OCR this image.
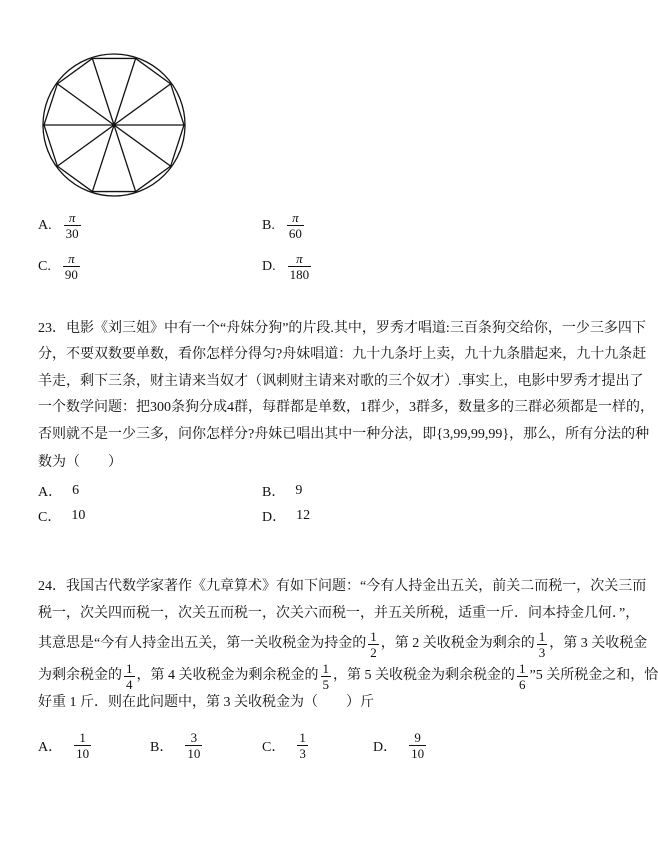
A. $\frac{\pi}{30}$	B. $\frac{\pi}{60}$
C. $\frac{\pi}{90}$	D. $\frac{\pi}{180}$
23．电影《刘三姐》中有一个“舟妹分狗”的片段.其中，罗秀才唱道:三百条狗交给你，一少三多四下
分，不要双数要单数，看你怎样分得匀?舟妹唱道：九十九条圩上卖，九十九条腊起来，九十九条赶
羊走，剩下三条，财主请来当奴才（讽刺财主请来对歌的三个奴才）.事实上，电影中罗秀才提出了
一个数学问题：把300条狗分成4群，每群都是单数，1群少，3群多，数量多的三群必须都是一样的，
否则就不是一少三多，问你怎样分?舟妹已唱出其中一种分法，即{3,99,99,99}，那么，所有分法的种
数为（　　）
A． 6	B． 9
C． 10	D． 12
24．我国古代数学家著作《九章算术》有如下问题：“今有人持金出五关，前关二而税一，次关三而
税一，次关四而税一，次关五而税一，次关六而税一，并五关所税，适重一斤．问本持金几何．”，
其意思是“今有人持金出五关，第一关收税金为持金的 $\frac{1}{2}$ ，第 2 关收税金为剩余的 $\frac{1}{3}$ ，第 3 关收税金
为剩余税金的 $\frac{1}{4}$ ，第 4 关收税金为剩余税金的 $\frac{1}{5}$ ，第 5 关收税金为剩余税金的 $\frac{1}{6}$ ”5 关所税金之和，恰
好重 1 斤．则在此问题中，第 3 关收税金为（　　）斤
A． $\frac{1}{10}$	B． $\frac{3}{10}$	C． $\frac{1}{3}$	D． $\frac{9}{10}$
